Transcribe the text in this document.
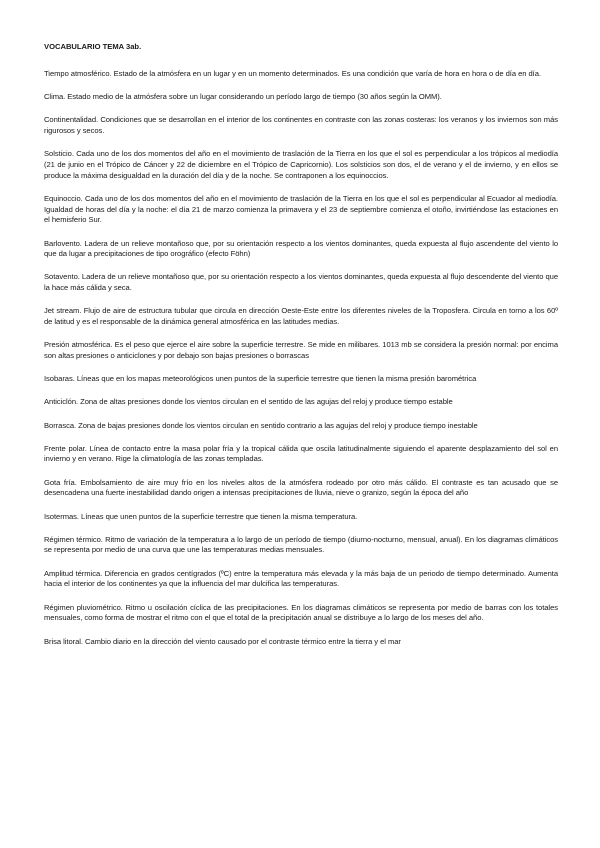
VOCABULARIO TEMA 3ab.

Tiempo atmosférico. Estado de la atmósfera en un lugar y en un momento determinados. Es una condición que varía de hora en hora o de día en día.

Clima. Estado medio de la atmósfera sobre un lugar considerando un período largo de tiempo (30 años según la OMM).

Continentalidad. Condiciones que se desarrollan en el interior de los continentes en contraste con las zonas costeras: los veranos y los inviernos son más rigurosos y secos.

Solsticio. Cada uno de los dos momentos del año en el movimiento de traslación de la Tierra en los que el sol es perpendicular a los trópicos al mediodía (21 de junio en el Trópico de Cáncer y 22 de diciembre en el Trópico de Capricornio). Los solsticios son dos, el de verano y el de invierno, y en ellos se produce la máxima desigualdad en la duración del día y de la noche. Se contraponen a los equinoccios.

Equinoccio. Cada uno de los dos momentos del año en el movimiento de traslación de la Tierra en los que el sol es perpendicular al Ecuador al mediodía. Igualdad de horas del día y la noche: el día 21 de marzo comienza la primavera y el 23 de septiembre comienza el otoño, invirtiéndose las estaciones en el hemisferio Sur.

Barlovento. Ladera de un relieve montañoso que, por su orientación respecto a los vientos dominantes, queda expuesta al flujo ascendente del viento lo que da lugar a precipitaciones de tipo orográfico (efecto Föhn)

Sotavento. Ladera de un relieve montañoso que, por su orientación respecto a los vientos dominantes, queda expuesta al flujo descendente del viento que la hace más cálida y seca.

Jet stream. Flujo de aire de estructura tubular que circula en dirección Oeste-Este entre los diferentes niveles de la Troposfera. Circula en torno a los 60º de latitud y es el responsable de la dinámica general atmosférica en las latitudes medias.

Presión atmosférica. Es el peso que ejerce el aire sobre la superficie terrestre. Se mide en milibares. 1013 mb se considera la presión normal: por encima son altas presiones o anticiclones y por debajo son bajas presiones o borrascas

Isobaras. Líneas que en los mapas meteorológicos unen puntos de la superficie terrestre que tienen la misma presión barométrica

Anticiclón. Zona de altas presiones donde los vientos circulan en el sentido de las agujas del reloj y produce tiempo estable

Borrasca. Zona de bajas presiones donde los vientos circulan en sentido contrario a las agujas del reloj y produce tiempo inestable

Frente polar. Línea de contacto entre la masa polar fría y la tropical cálida que oscila latitudinalmente siguiendo el aparente desplazamiento del sol en invierno y en verano. Rige la climatología de las zonas templadas.

Gota fría. Embolsamiento de aire muy frío en los niveles altos de la atmósfera rodeado por otro más cálido. El contraste es tan acusado que se desencadena una fuerte inestabilidad dando origen a intensas precipitaciones de lluvia, nieve o granizo, según la época del año

Isotermas. Líneas que unen puntos de la superficie terrestre que tienen la misma temperatura.

Régimen térmico. Ritmo de variación de la temperatura a lo largo de un período de tiempo (diurno-nocturno, mensual, anual). En los diagramas climáticos se representa por medio de una curva que une las temperaturas medias mensuales.

Amplitud térmica. Diferencia en grados centígrados (ºC) entre la temperatura más elevada y la más baja de un periodo de tiempo determinado. Aumenta hacia el interior de los continentes ya que la influencia del mar dulcifica las temperaturas.

Régimen pluviométrico. Ritmo u oscilación cíclica de las precipitaciones. En los diagramas climáticos se representa por medio de barras con los totales mensuales, como forma de mostrar el ritmo con el que el total de la precipitación anual se distribuye a lo largo de los meses del año.

Brisa litoral. Cambio diario en la dirección del viento causado por el contraste térmico entre la tierra y el mar
